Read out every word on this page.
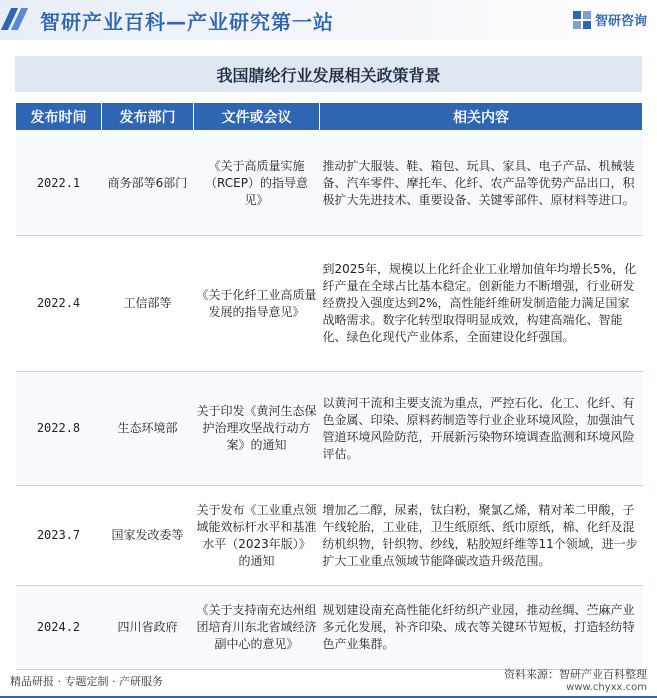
智研产业百科—产业研究第一站	智研咨询
我国腈纶行业发展相关政策背景
发布时间	发布部门	文件或会议	相关内容
2022.1	商务部等6部门	《关于高质量实施（RCEP）的指导意见》	推动扩大服装、鞋、箱包、玩具、家具、电子产品、机械装备、汽车零件、摩托车、化纤、农产品等优势产品出口，积极扩大先进技术、重要设备、关键零部件、原材料等进口。
2022.4	工信部等	《关于化纤工业高质量发展的指导意见》	到2025年，规模以上化纤企业工业增加值年均增长5%，化纤产量在全球占比基本稳定。创新能力不断增强，行业研发经费投入强度达到2%，高性能纤维研发制造能力满足国家战略需求。数字化转型取得明显成效，构建高端化、智能化、绿色化现代产业体系，全面建设化纤强国。
2022.8	生态环境部	关于印发《黄河生态保护治理攻坚战行动方案》的通知	以黄河干流和主要支流为重点，严控石化、化工、化纤、有色金属、印染、原料药制造等行业企业环境风险，加强油气管道环境风险防范，开展新污染物环境调查监测和环境风险评估。
2023.7	国家发改委等	关于发布《工业重点领域能效标杆水平和基准水平（2023年版）》的通知	增加乙二醇，尿素，钛白粉，聚氯乙烯，精对苯二甲酸，子午线轮胎，工业硅，卫生纸原纸、纸巾原纸，棉、化纤及混纺机织物，针织物、纱线，粘胶短纤维等11个领域，进一步扩大工业重点领域节能降碳改造升级范围。
2024.2	四川省政府	《关于支持南充达州组团培育川东北省域经济副中心的意见》	规划建设南充高性能化纤纺织产业园，推动丝绸、苎麻产业多元化发展，补齐印染、成衣等关键环节短板，打造轻纺特色产业集群。
精品研报 · 专题定制 · 产研服务
资料来源：智研产业百科整理
www.chyxx.com
